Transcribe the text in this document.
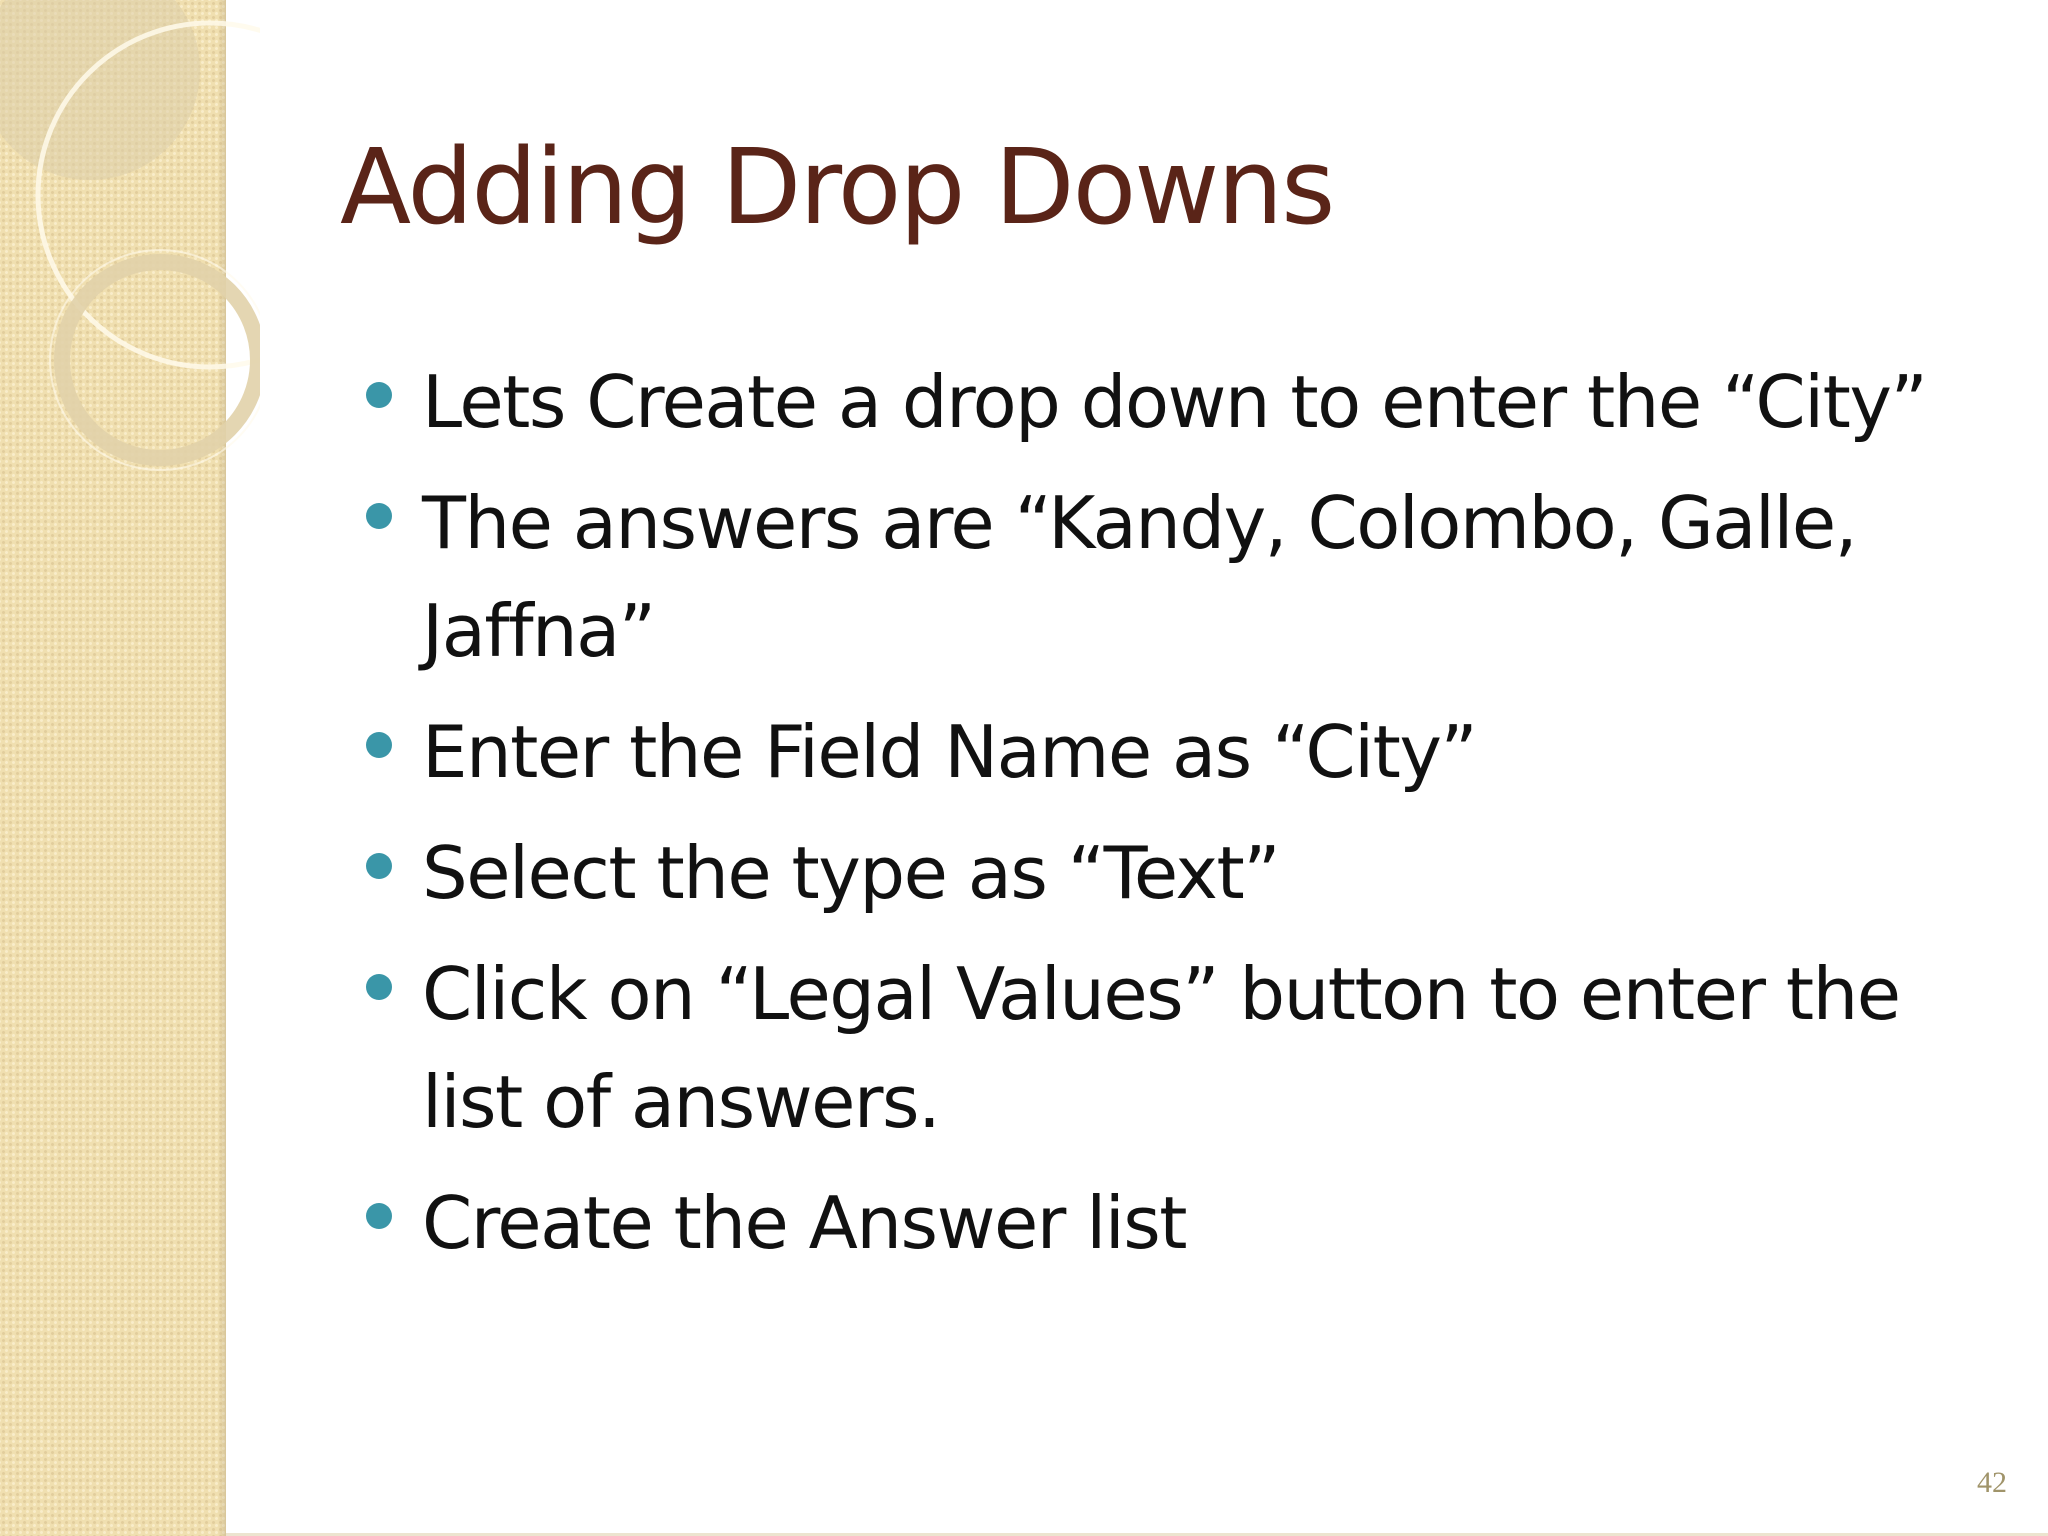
Adding Drop Downs
Lets Create a drop down to enter the “City”
The answers are “Kandy, Colombo, Galle, Jaffna”
Enter the Field Name as “City”
Select the type as “Text”
Click on “Legal Values” button to enter the list of answers.
Create the Answer list
42
